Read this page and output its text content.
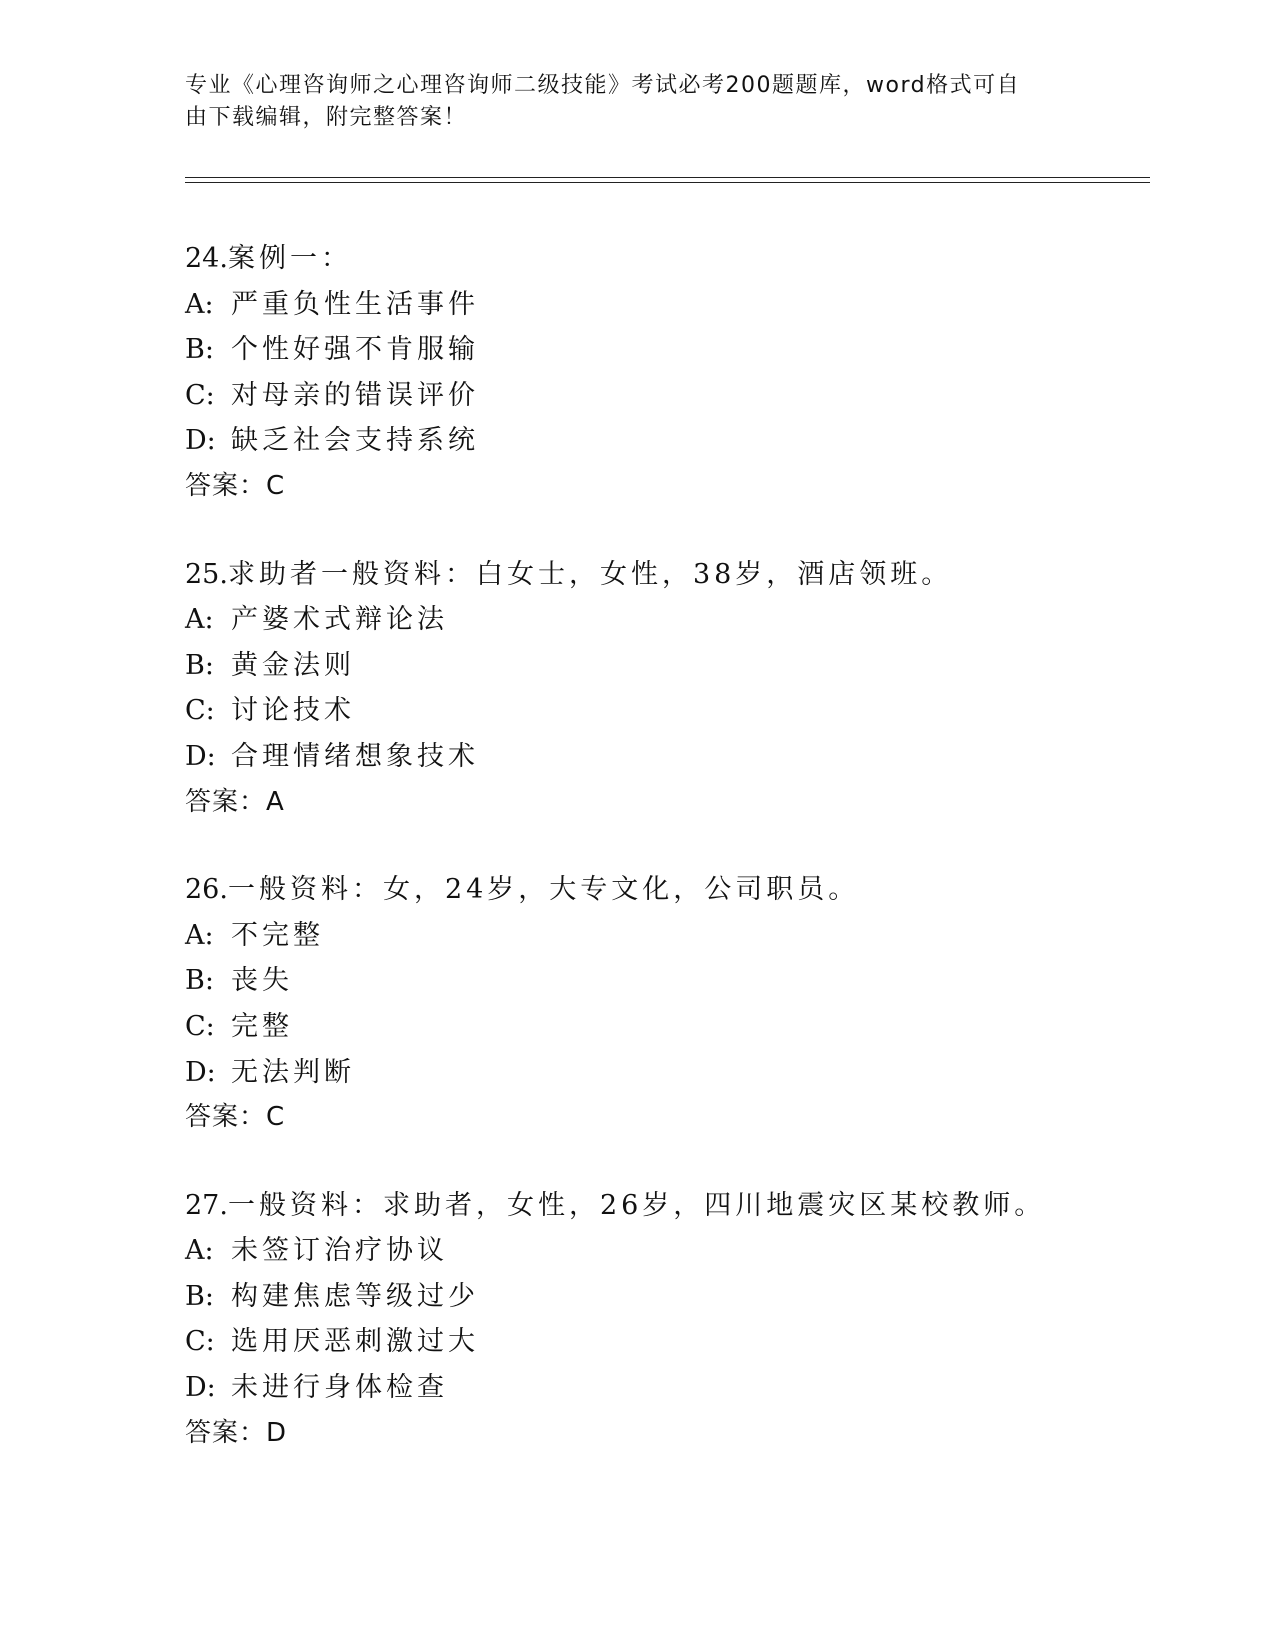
专业《心理咨询师之心理咨询师二级技能》考试必考200题题库，word格式可自
由下载编辑，附完整答案！
24.案例一：
A: 严重负性生活事件
B: 个性好强不肯服输
C: 对母亲的错误评价
D: 缺乏社会支持系统
答案：C
25.求助者一般资料：白女士，女性，38岁，酒店领班。
A: 产婆术式辩论法
B: 黄金法则
C: 讨论技术
D: 合理情绪想象技术
答案：A
26.一般资料：女，24岁，大专文化，公司职员。
A: 不完整
B: 丧失
C: 完整
D: 无法判断
答案：C
27.一般资料：求助者，女性，26岁，四川地震灾区某校教师。
A: 未签订治疗协议
B: 构建焦虑等级过少
C: 选用厌恶刺激过大
D: 未进行身体检查
答案：D
